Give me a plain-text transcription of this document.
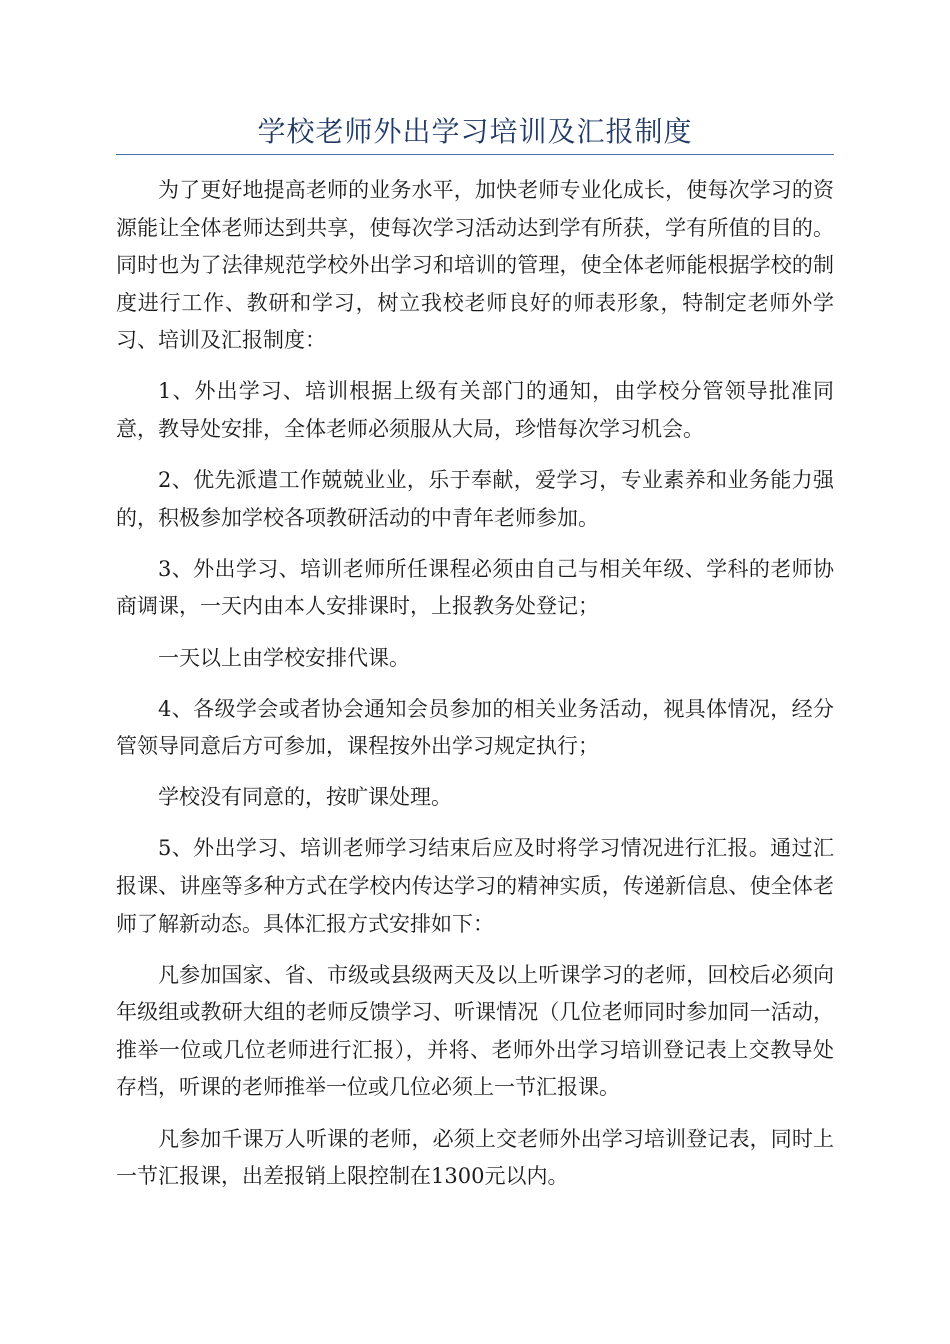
学校老师外出学习培训及汇报制度

为了更好地提高老师的业务水平，加快老师专业化成长，使每次学习的资源能让全体老师达到共享，使每次学习活动达到学有所获，学有所值的目的。同时也为了法律规范学校外出学习和培训的管理，使全体老师能根据学校的制度进行工作、教研和学习，树立我校老师良好的师表形象，特制定老师外学习、培训及汇报制度：

1、外出学习、培训根据上级有关部门的通知，由学校分管领导批准同意，教导处安排，全体老师必须服从大局，珍惜每次学习机会。

2、优先派遣工作兢兢业业，乐于奉献，爱学习，专业素养和业务能力强的，积极参加学校各项教研活动的中青年老师参加。

3、外出学习、培训老师所任课程必须由自己与相关年级、学科的老师协商调课，一天内由本人安排课时，上报教务处登记；

一天以上由学校安排代课。

4、各级学会或者协会通知会员参加的相关业务活动，视具体情况，经分管领导同意后方可参加，课程按外出学习规定执行；

学校没有同意的，按旷课处理。

5、外出学习、培训老师学习结束后应及时将学习情况进行汇报。通过汇报课、讲座等多种方式在学校内传达学习的精神实质，传递新信息、使全体老师了解新动态。具体汇报方式安排如下：

凡参加国家、省、市级或县级两天及以上听课学习的老师，回校后必须向年级组或教研大组的老师反馈学习、听课情况（几位老师同时参加同一活动，推举一位或几位老师进行汇报），并将、老师外出学习培训登记表上交教导处存档，听课的老师推举一位或几位必须上一节汇报课。

凡参加千课万人听课的老师，必须上交老师外出学习培训登记表，同时上一节汇报课，出差报销上限控制在1300元以内。
